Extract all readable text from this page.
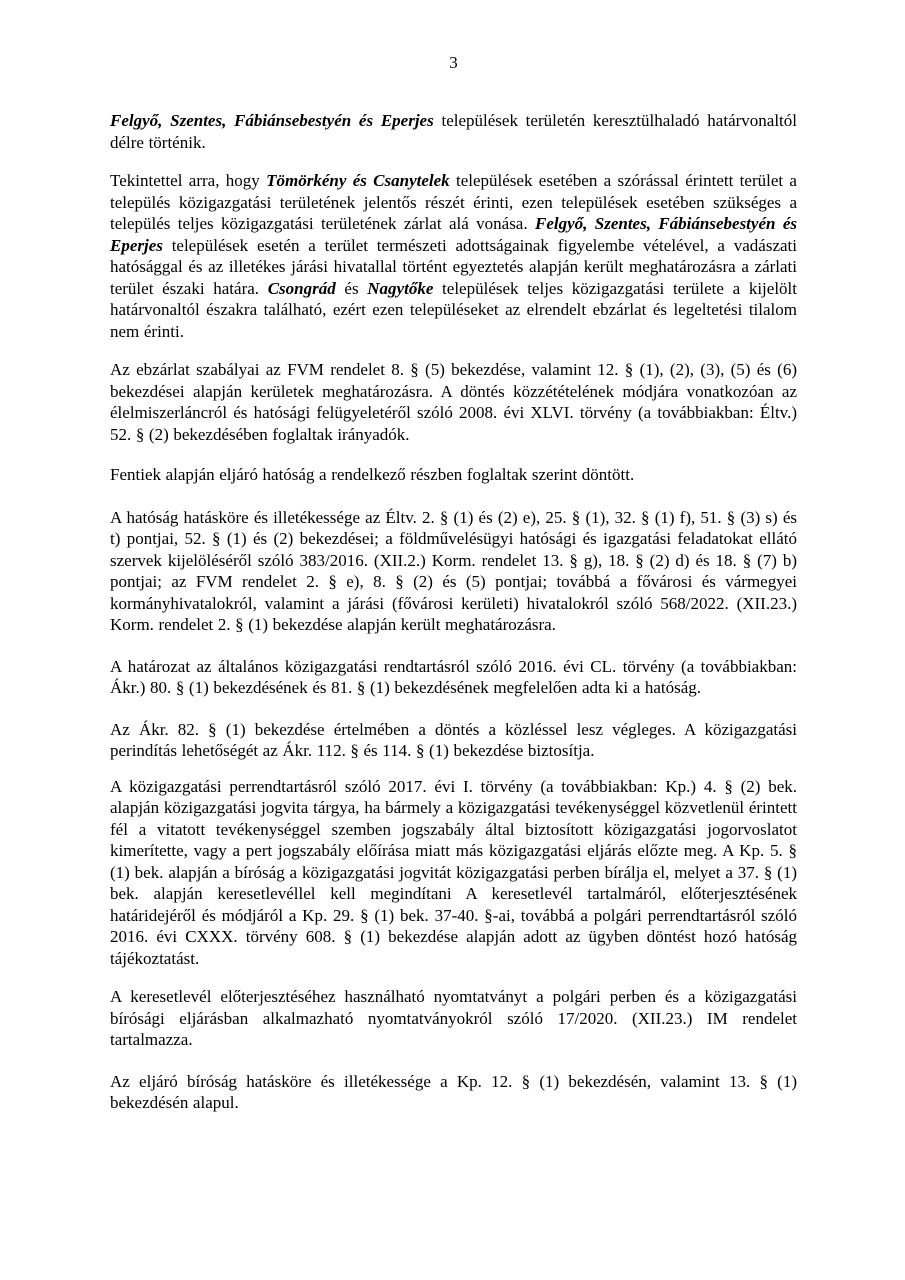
3

Felgyő, Szentes, Fábiánsebestyén és Eperjes települések területén keresztülhaladó határvonaltól délre történik.

Tekintettel arra, hogy Tömörkény és Csanytelek települések esetében a szórással érintett terület a település közigazgatási területének jelentős részét érinti, ezen települések esetében szükséges a település teljes közigazgatási területének zárlat alá vonása. Felgyő, Szentes, Fábiánsebestyén és Eperjes települések esetén a terület természeti adottságainak figyelembe vételével, a vadászati hatósággal és az illetékes járási hivatallal történt egyeztetés alapján került meghatározásra a zárlati terület északi határa. Csongrád és Nagytőke települések teljes közigazgatási területe a kijelölt határvonaltól északra található, ezért ezen településeket az elrendelt ebzárlat és legeltetési tilalom nem érinti.

Az ebzárlat szabályai az FVM rendelet 8. § (5) bekezdése, valamint 12. § (1), (2), (3), (5) és (6) bekezdései alapján kerületek meghatározásra. A döntés közzétételének módjára vonatkozóan az élelmiszerláncról és hatósági felügyeletéről szóló 2008. évi XLVI. törvény (a továbbiakban: Éltv.) 52. § (2) bekezdésében foglaltak irányadók.

Fentiek alapján eljáró hatóság a rendelkező részben foglaltak szerint döntött.

A hatóság hatásköre és illetékessége az Éltv. 2. § (1) és (2) e), 25. § (1), 32. § (1) f), 51. § (3) s) és t) pontjai, 52. § (1) és (2) bekezdései; a földművelésügyi hatósági és igazgatási feladatokat ellátó szervek kijelöléséről szóló 383/2016. (XII.2.) Korm. rendelet 13. § g), 18. § (2) d) és 18. § (7) b) pontjai; az FVM rendelet 2. § e), 8. § (2) és (5) pontjai; továbbá a fővárosi és vármegyei kormányhivatalokról, valamint a járási (fővárosi kerületi) hivatalokról szóló 568/2022. (XII.23.) Korm. rendelet 2. § (1) bekezdése alapján került meghatározásra.

A határozat az általános közigazgatási rendtartásról szóló 2016. évi CL. törvény (a továbbiakban: Ákr.) 80. § (1) bekezdésének és 81. § (1) bekezdésének megfelelően adta ki a hatóság.

Az Ákr. 82. § (1) bekezdése értelmében a döntés a közléssel lesz végleges. A közigazgatási perindítás lehetőségét az Ákr. 112. § és 114. § (1) bekezdése biztosítja.

A közigazgatási perrendtartásról szóló 2017. évi I. törvény (a továbbiakban: Kp.) 4. § (2) bek. alapján közigazgatási jogvita tárgya, ha bármely a közigazgatási tevékenységgel közvetlenül érintett fél a vitatott tevékenységgel szemben jogszabály által biztosított közigazgatási jogorvoslatot kimerítette, vagy a pert jogszabály előírása miatt más közigazgatási eljárás előzte meg. A Kp. 5. § (1) bek. alapján a bíróság a közigazgatási jogvitát közigazgatási perben bírálja el, melyet a 37. § (1) bek. alapján keresetlevéllel kell megindítani A keresetlevél tartalmáról, előterjesztésének határidejéről és módjáról a Kp. 29. § (1) bek. 37-40. §-ai, továbbá a polgári perrendtartásról szóló 2016. évi CXXX. törvény 608. § (1) bekezdése alapján adott az ügyben döntést hozó hatóság tájékoztatást.

A keresetlevél előterjesztéséhez használható nyomtatványt a polgári perben és a közigazgatási bírósági eljárásban alkalmazható nyomtatványokról szóló 17/2020. (XII.23.) IM rendelet tartalmazza.

Az eljáró bíróság hatásköre és illetékessége a Kp. 12. § (1) bekezdésén, valamint 13. § (1) bekezdésén alapul.
